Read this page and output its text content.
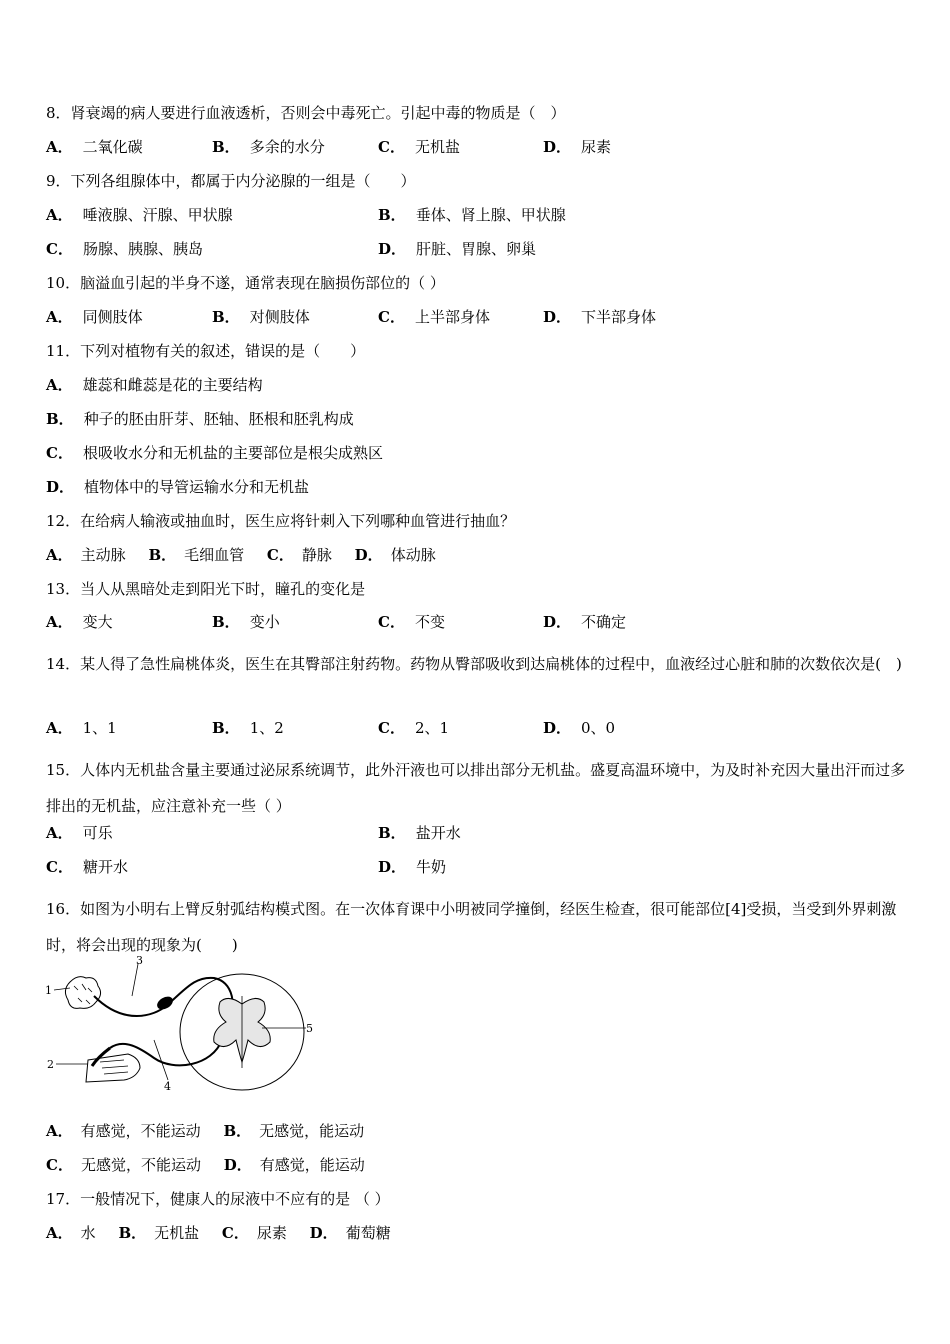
8．肾衰竭的病人要进行血液透析，否则会中毒死亡。引起中毒的物质是（　）
A． 二氧化碳	B． 多余的水分	C． 无机盐	D． 尿素
9．下列各组腺体中，都属于内分泌腺的一组是（　　）
A． 唾液腺、汗腺、甲状腺	B． 垂体、肾上腺、甲状腺
C． 肠腺、胰腺、胰岛	D． 肝脏、胃腺、卵巢
10．脑溢血引起的半身不遂，通常表现在脑损伤部位的（ ）
A． 同侧肢体	B． 对侧肢体	C． 上半部身体	D． 下半部身体
11．下列对植物有关的叙述，错误的是（　　）
A． 雄蕊和雌蕊是花的主要结构
B． 种子的胚由肝芽、胚轴、胚根和胚乳构成
C． 根吸收水分和无机盐的主要部位是根尖成熟区
D． 植物体中的导管运输水分和无机盐
12．在给病人输液或抽血时，医生应将针刺入下列哪种血管进行抽血？
A． 主动脉 B． 毛细血管 C． 静脉 D． 体动脉
13．当人从黑暗处走到阳光下时，瞳孔的变化是
A． 变大	B． 变小	C． 不变	D． 不确定
14．某人得了急性扁桃体炎，医生在其臀部注射药物。药物从臀部吸收到达扁桃体的过程中，血液经过心脏和肺的次数依次是(　)
A． 1、1	B． 1、2	C． 2、1	D． 0、0
15．人体内无机盐含量主要通过泌尿系统调节，此外汗液也可以排出部分无机盐。盛夏高温环境中，为及时补充因大量出汗而过多排出的无机盐，应注意补充一些（ ）
A． 可乐	B． 盐开水
C． 糖开水	D． 牛奶
16．如图为小明右上臂反射弧结构模式图。在一次体育课中小明被同学撞倒，经医生检查，很可能部位[4]受损，当受到外界刺激时，将会出现的现象为(　　)
1
2
3
4
5
A． 有感觉，不能运动 B． 无感觉，能运动
C． 无感觉，不能运动 D． 有感觉，能运动
17．一般情况下，健康人的尿液中不应有的是 （ ）
A． 水 B． 无机盐 C． 尿素 D． 葡萄糖
